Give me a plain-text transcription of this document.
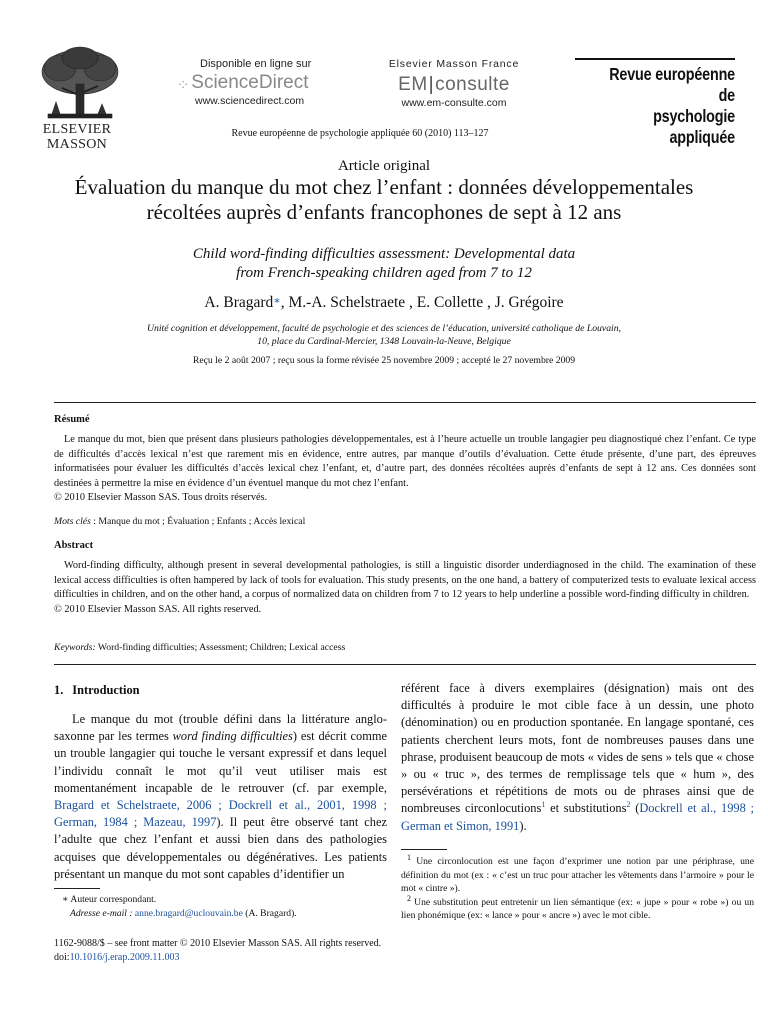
ELSEVIER
MASSON
Disponible en ligne sur
·:· ScienceDirect
www.sciencedirect.com
Elsevier Masson France
EM|consulte
www.em-consulte.com
Revue européenne
de
psychologie appliquée
Revue européenne de psychologie appliquée 60 (2010) 113–127
Article original
Évaluation du manque du mot chez l’enfant : données développementales
récoltées auprès d’enfants francophones de sept à 12 ans
Child word-finding difficulties assessment: Developmental data
from French-speaking children aged from 7 to 12
A. Bragard∗, M.-A. Schelstraete , E. Collette , J. Grégoire
Unité cognition et développement, faculté de psychologie et des sciences de l’éducation, université catholique de Louvain,
10, place du Cardinal-Mercier, 1348 Louvain-la-Neuve, Belgique
Reçu le 2 août 2007 ; reçu sous la forme révisée 25 novembre 2009 ; accepté le 27 novembre 2009
Résumé

Le manque du mot, bien que présent dans plusieurs pathologies développementales, est à l’heure actuelle un trouble langagier peu diagnostiqué chez l’enfant. Ce type de difficultés d’accès lexical n’est que rarement mis en évidence, entre autres, par manque d’outils d’évaluation. Cette étude présente, d’une part, des épreuves informatisées pour évaluer les difficultés d’accès lexical chez l’enfant, et, d’autre part, des données récoltées auprès d’enfants de sept à 12 ans. Ces données sont destinées à permettre la mise en évidence d’un éventuel manque du mot chez l’enfant.

© 2010 Elsevier Masson SAS. Tous droits réservés.
Mots clés : Manque du mot ; Évaluation ; Enfants ; Accès lexical
Abstract

Word-finding difficulty, although present in several developmental pathologies, is still a linguistic disorder underdiagnosed in the child. The examination of these lexical access difficulties is often hampered by lack of tools for evaluation. This study presents, on the one hand, a battery of computerized tests to evaluate lexical access difficulties in children, and on the other hand, a corpus of normalized data on children from 7 to 12 years to help underline a possible word-finding difficulty in children.

© 2010 Elsevier Masson SAS. All rights reserved.
Keywords: Word-finding difficulties; Assessment; Children; Lexical access
1. Introduction

Le manque du mot (trouble défini dans la littérature anglo-saxonne par les termes word finding difficulties) est décrit comme un trouble langagier qui touche le versant expressif et dans lequel l’individu connaît le mot qu’il veut utiliser mais est momentanément incapable de le retrouver (cf. par exemple, Bragard et Schelstraete, 2006 ; Dockrell et al., 2001, 1998 ; German, 1984 ; Mazeau, 1997). Il peut être observé tant chez l’adulte que chez l’enfant et aussi bien dans des pathologies acquises que développementales ou dégénératives. Les patients présentant un manque du mot sont capables d’identifier un

référent face à divers exemplaires (désignation) mais ont des difficultés à produire le mot cible face à un dessin, une photo (dénomination) ou en production spontanée. En langage spontané, ces patients cherchent leurs mots, font de nombreuses pauses dans une phrase, produisent beaucoup de mots « vides de sens » tels que « chose » ou « truc », des termes de remplissage tels que « hum », des persévérations et répétitions de mots ou de phrases ainsi que de nombreuses circonlocutions$^1$ et substitutions$^2$ (Dockrell et al., 1998 ; German et Simon, 1991).

$^1$ Une circonlocution est une façon d’exprimer une notion par une périphrase, une définition du mot (ex : « c’est un truc pour attacher les vêtements dans l’armoire » pour le mot « cintre »).
$^2$ Une substitution peut entretenir un lien sémantique (ex: « jupe » pour « robe ») ou un lien phonémique (ex: « lance » pour « ancre ») avec le mot cible.
∗ Auteur correspondant.
Adresse e-mail : anne.bragard@uclouvain.be (A. Bragard).
1162-9088/$ – see front matter © 2010 Elsevier Masson SAS. All rights reserved.
doi:10.1016/j.erap.2009.11.003
